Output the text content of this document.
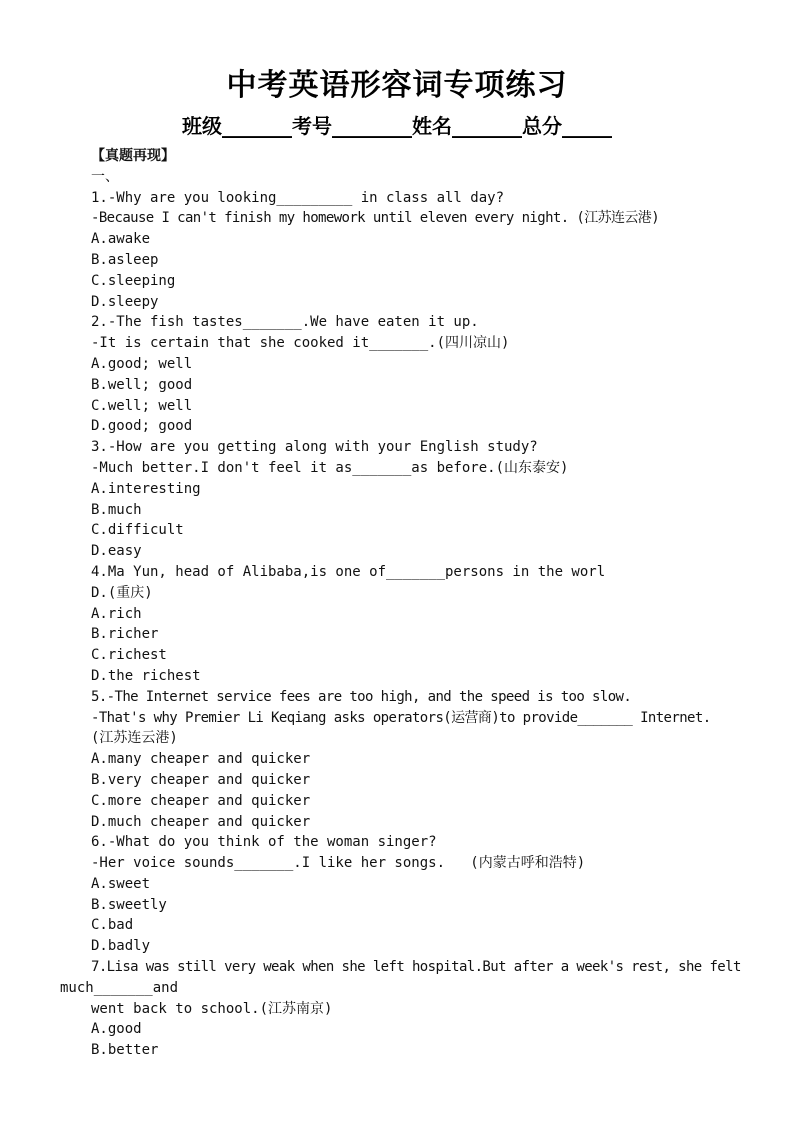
中考英语形容词专项练习
班级_______考号________姓名_______总分_____
【真题再现】
一、
1.-Why are you looking_________ in class all day?
-Because I can't finish my homework until eleven every night. (江苏连云港)
A.awake
B.asleep
C.sleeping
D.sleepy
2.-The fish tastes_______.We have eaten it up.
-It is certain that she cooked it_______.(四川凉山)
A.good; well
B.well; good
C.well; well
D.good; good
3.-How are you getting along with your English study?
-Much better.I don't feel it as_______as before.(山东泰安)
A.interesting
B.much
C.difficult
D.easy
4.Ma Yun, head of Alibaba,is one of_______persons in the worl
D.(重庆)
A.rich
B.richer
C.richest
D.the richest
5.-The Internet service fees are too high, and the speed is too slow.
-That's why Premier Li Keqiang asks operators(运营商)to provide_______ Internet.
(江苏连云港)
A.many cheaper and quicker
B.very cheaper and quicker
C.more cheaper and quicker
D.much cheaper and quicker
6.-What do you think of the woman singer?
-Her voice sounds_______.I like her songs.   (内蒙古呼和浩特)
A.sweet
B.sweetly
C.bad
D.badly
7.Lisa was still very weak when she left hospital.But after a week's rest, she felt
much_______and
went back to school.(江苏南京)
A.good
B.better
